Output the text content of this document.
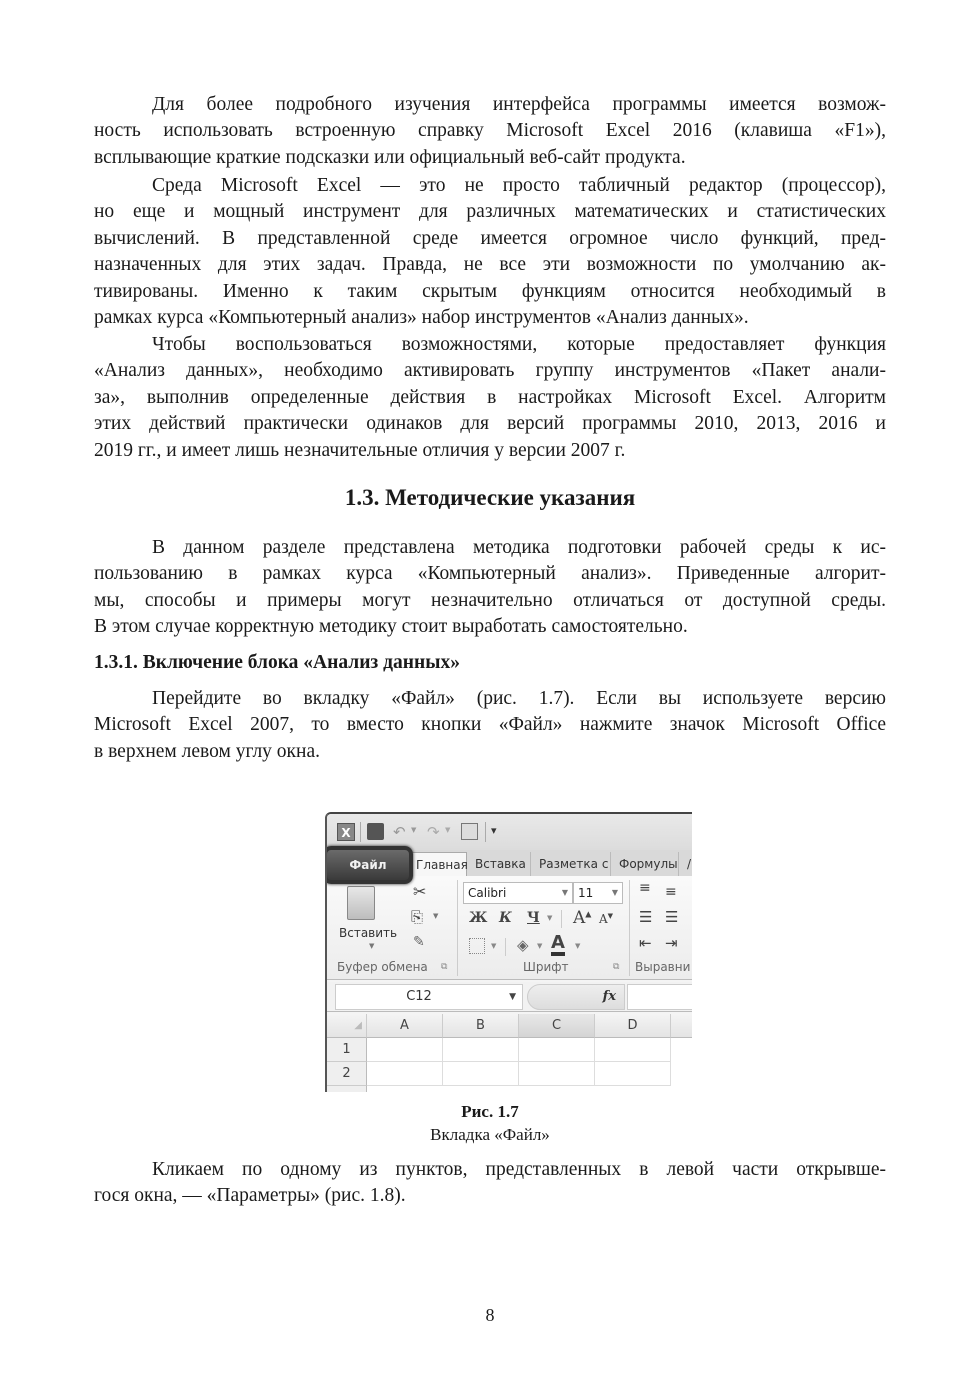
Для более подробного изучения интерфейса программы имеется возмож-
ность использовать встроенную справку Microsoft Excel 2016 (клавиша «F1»),
всплывающие краткие подсказки или официальный веб-сайт продукта.
Среда Microsoft Excel — это не просто табличный редактор (процессор),
но еще и мощный инструмент для различных математических и статистических
вычислений. В представленной среде имеется огромное число функций, пред-
назначенных для этих задач. Правда, не все эти возможности по умолчанию ак-
тивированы. Именно к таким скрытым функциям относится необходимый в
рамках курса «Компьютерный анализ» набор инструментов «Анализ данных».
Чтобы воспользоваться возможностями, которые предоставляет функция
«Анализ данных», необходимо активировать группу инструментов «Пакет анали-
за», выполнив определенные действия в настройках Microsoft Excel. Алгоритм
этих действий практически одинаков для версий программы 2010, 2013, 2016 и
2019 гг., и имеет лишь незначительные отличия у версии 2007 г.
1.3. Методические указания
В данном разделе представлена методика подготовки рабочей среды к ис-
пользованию в рамках курса «Компьютерный анализ». Приведенные алгорит-
мы, способы и примеры могут незначительно отличаться от доступной среды.
В этом случае корректную методику стоит выработать самостоятельно.
1.3.1. Включение блока «Анализ данных»
Перейдите во вкладку «Файл» (рис. 1.7). Если вы используете версию
Microsoft Excel 2007, то вместо кнопки «Файл» нажмите значок Microsoft Office
в верхнем левом углу окна.
X	↶ ▼ ↷ ▼	▾
Главная Вставка	Разметка с Формулы /
Файл
Вставить
▼
✂
⎘ ▼
✎
Буфер обмена ⧉
Calibri	▼ 11 ▼
Ж К Ч ▼ A▲ A▼
▼ ◈ ▼ A ▼
Шрифт	⧉
≡ ≡
☰ ☰
⇤ ⇥
Выравни
C12	▼	fx
◢	A	B	C	D
1
2
Рис. 1.7
Вкладка «Файл»
Кликаем по одному из пунктов, представленных в левой части открывше-
гося окна, — «Параметры» (рис. 1.8).
8
